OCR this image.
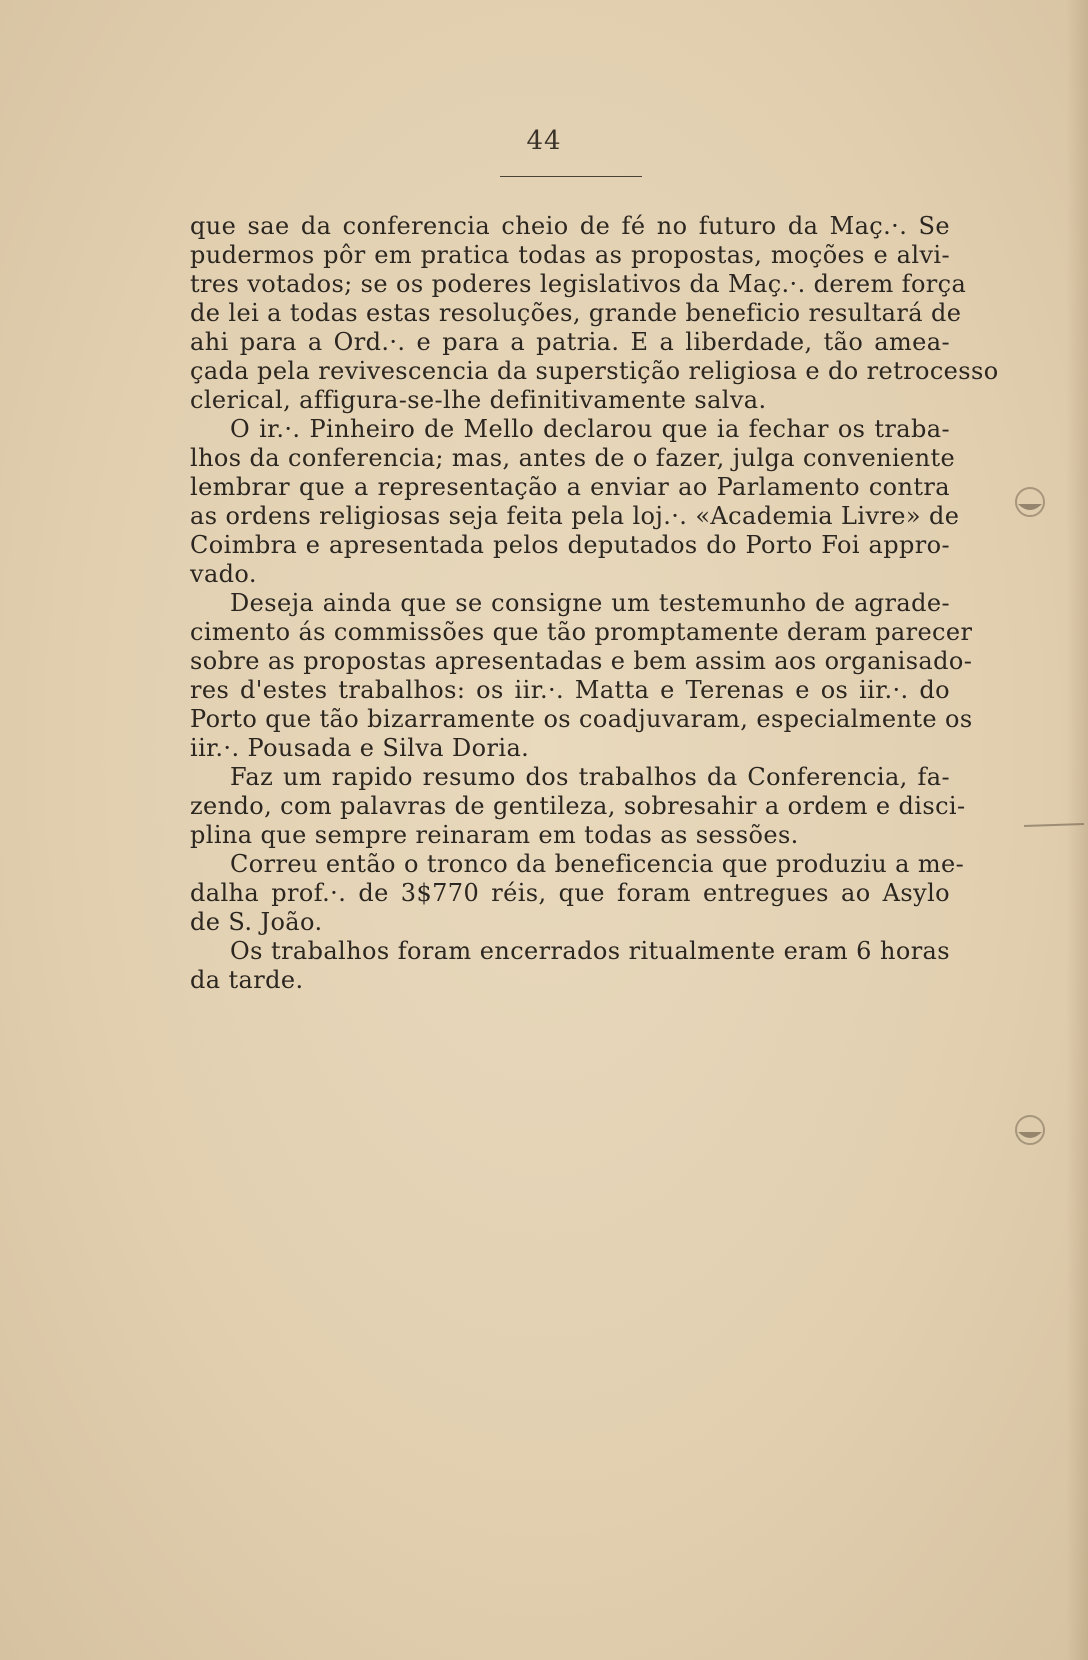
44
que sae da conferencia cheio de fé no futuro da Maç.·. Se
pudermos pôr em pratica todas as propostas, moções e alvi-
tres votados; se os poderes legislativos da Maç.·. derem força
de lei a todas estas resoluções, grande beneficio resultará de
ahi para a Ord.·. e para a patria. E a liberdade, tão amea-
çada pela revivescencia da superstição religiosa e do retrocesso
clerical, affigura-se-lhe definitivamente salva.
O ir.·. Pinheiro de Mello declarou que ia fechar os traba-
lhos da conferencia; mas, antes de o fazer, julga conveniente
lembrar que a representação a enviar ao Parlamento contra
as ordens religiosas seja feita pela loj.·. «Academia Livre» de
Coimbra e apresentada pelos deputados do Porto Foi appro-
vado.
Deseja ainda que se consigne um testemunho de agrade-
cimento ás commissões que tão promptamente deram parecer
sobre as propostas apresentadas e bem assim aos organisado-
res d'estes trabalhos: os iir.·. Matta e Terenas e os iir.·. do
Porto que tão bizarramente os coadjuvaram, especialmente os
iir.·. Pousada e Silva Doria.
Faz um rapido resumo dos trabalhos da Conferencia, fa-
zendo, com palavras de gentileza, sobresahir a ordem e disci-
plina que sempre reinaram em todas as sessões.
Correu então o tronco da beneficencia que produziu a me-
dalha prof.·. de 3$770 réis, que foram entregues ao Asylo
de S. João.
Os trabalhos foram encerrados ritualmente eram 6 horas
da tarde.
